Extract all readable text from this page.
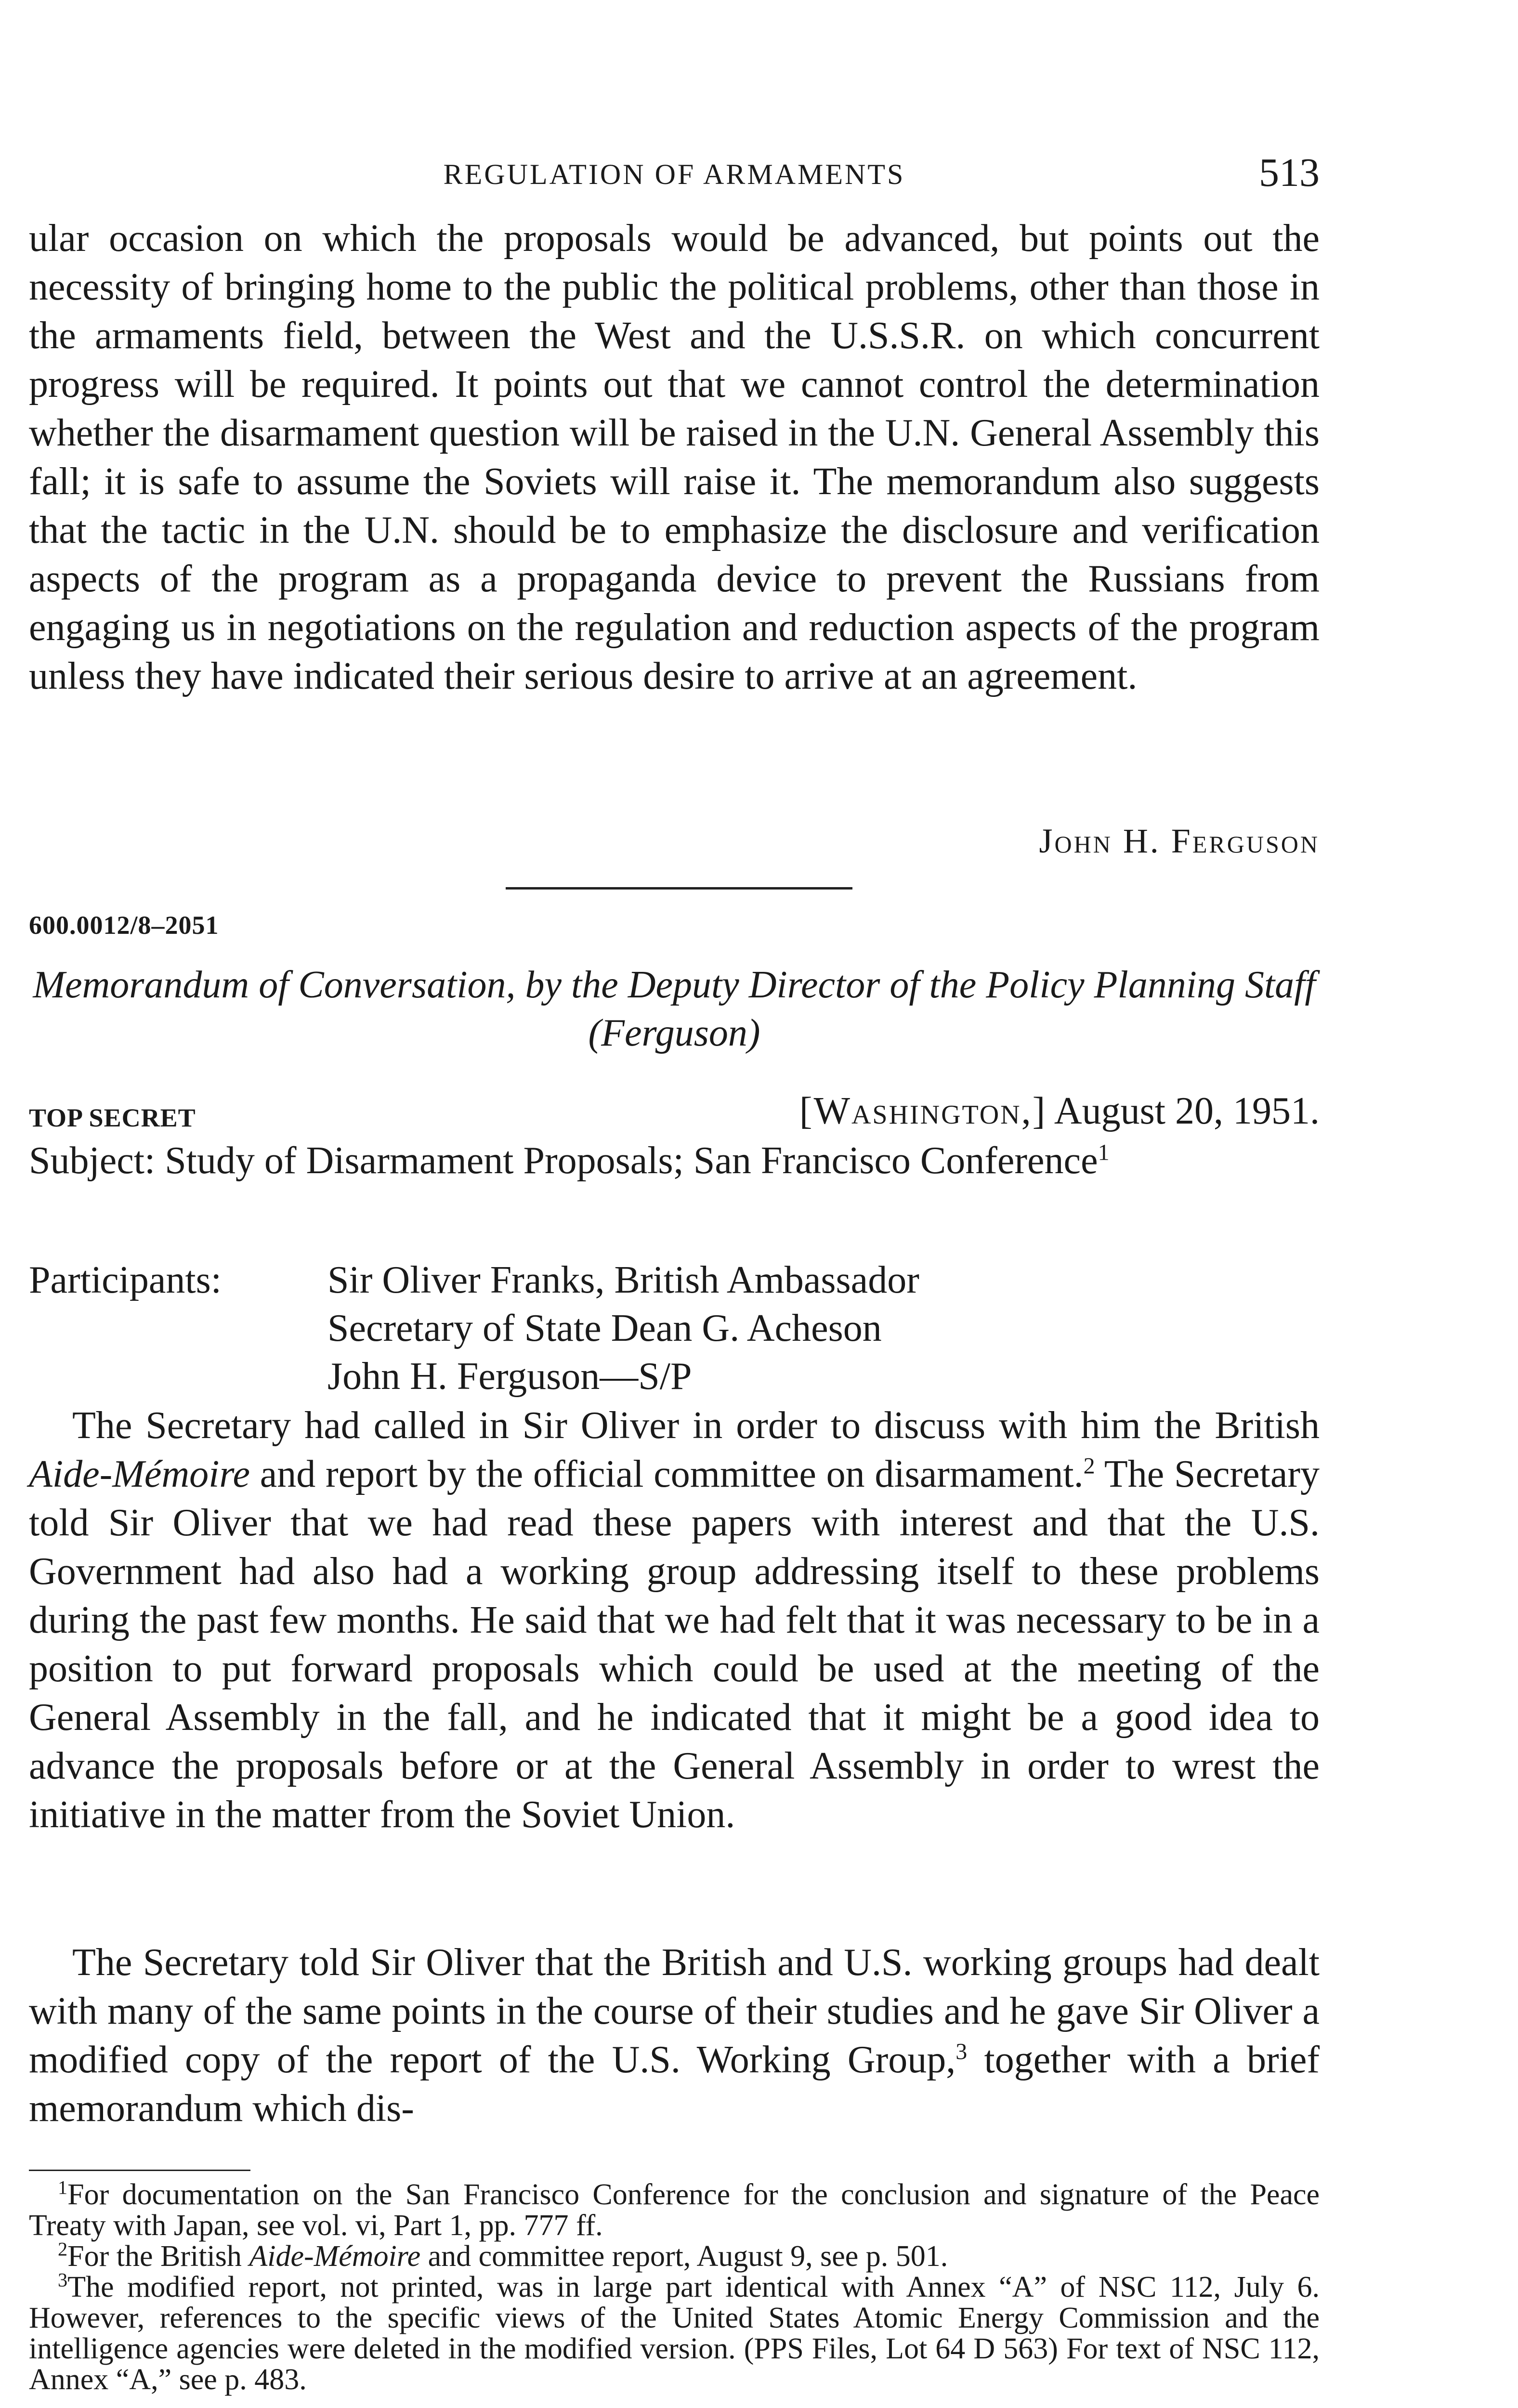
REGULATION OF ARMAMENTS	513

ular occasion on which the proposals would be advanced, but points out the necessity of bringing home to the public the political problems, other than those in the armaments field, between the West and the U.S.S.R. on which concurrent progress will be required. It points out that we cannot control the determination whether the disarmament question will be raised in the U.N. General Assembly this fall; it is safe to assume the Soviets will raise it. The memorandum also suggests that the tactic in the U.N. should be to emphasize the disclosure and verification aspects of the program as a propaganda device to prevent the Russians from engaging us in negotiations on the regulation and reduction aspects of the program unless they have indicated their serious desire to arrive at an agreement.

John H. Ferguson
600.0012/8–2051

Memorandum of Conversation, by the Deputy Director of the Policy Planning Staff (Ferguson)

TOP SECRET	[Washington,] August 20, 1951.

Subject: Study of Disarmament Proposals; San Francisco Conference$^1$

Participants:	Sir Oliver Franks, British Ambassador
Secretary of State Dean G. Acheson
John H. Ferguson—S/P

The Secretary had called in Sir Oliver in order to discuss with him the British Aide-Mémoire and report by the official committee on disarmament.$^2$ The Secretary told Sir Oliver that we had read these papers with interest and that the U.S. Government had also had a working group addressing itself to these problems during the past few months. He said that we had felt that it was necessary to be in a position to put forward proposals which could be used at the meeting of the General Assembly in the fall, and he indicated that it might be a good idea to advance the proposals before or at the General Assembly in order to wrest the initiative in the matter from the Soviet Union.

The Secretary told Sir Oliver that the British and U.S. working groups had dealt with many of the same points in the course of their studies and he gave Sir Oliver a modified copy of the report of the U.S. Working Group,$^3$ together with a brief memorandum which dis-

$^1$For documentation on the San Francisco Conference for the conclusion and signature of the Peace Treaty with Japan, see vol. vi, Part 1, pp. 777 ff.

$^2$For the British Aide-Mémoire and committee report, August 9, see p. 501.

$^3$The modified report, not printed, was in large part identical with Annex “A” of NSC 112, July 6. However, references to the specific views of the United States Atomic Energy Commission and the intelligence agencies were deleted in the modified version. (PPS Files, Lot 64 D 563) For text of NSC 112, Annex “A,” see p. 483.
